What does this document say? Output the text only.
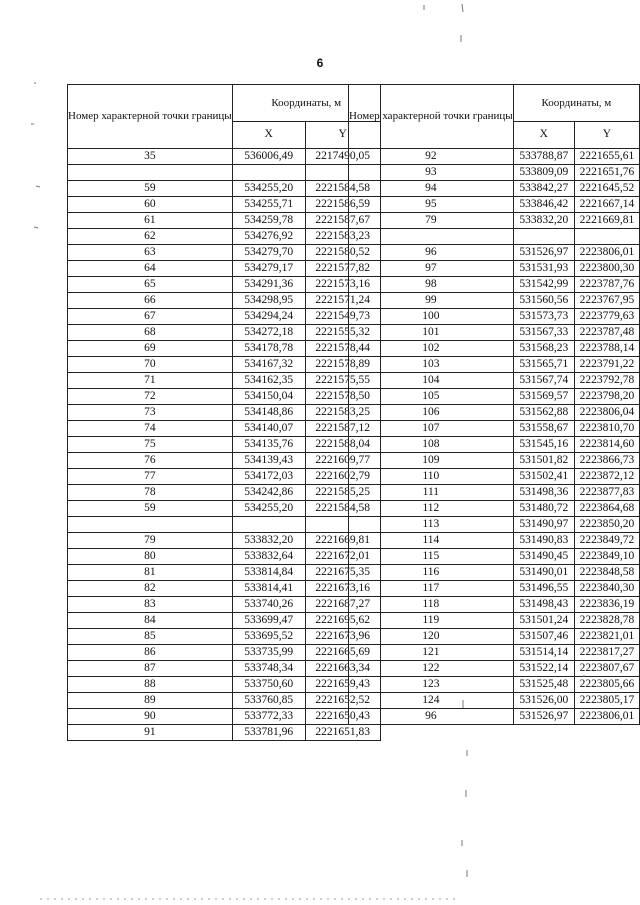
6
Номер характерной точки границы	Координаты, м	
	X	Y
35	536006,49	2217490,05

59	534255,20	2221584,58
60	534255,71	2221586,59
61	534259,78	2221587,67
62	534276,92	2221583,23
63	534279,70	2221580,52
64	534279,17	2221577,82
65	534291,36	2221573,16
66	534298,95	2221571,24
67	534294,24	2221549,73
68	534272,18	2221555,32
69	534178,78	2221578,44
70	534167,32	2221578,89
71	534162,35	2221575,55
72	534150,04	2221578,50
73	534148,86	2221583,25
74	534140,07	2221587,12
75	534135,76	2221588,04
76	534139,43	2221609,77
77	534172,03	2221602,79
78	534242,86	2221585,25
59	534255,20	2221584,58

79	533832,20	2221669,81
80	533832,64	2221672,01
81	533814,84	2221675,35
82	533814,41	2221673,16
83	533740,26	2221687,27
84	533699,47	2221695,62
85	533695,52	2221673,96
86	533735,99	2221665,69
87	533748,34	2221663,34
88	533750,60	2221659,43
89	533760,85	2221652,52
90	533772,33	2221650,43
91	533781,96	2221651,83
Номер характерной точки границы	Координаты, м	
	X	Y
92	533788,87	2221655,61
93	533809,09	2221651,76
94	533842,27	2221645,52
95	533846,42	2221667,14
79	533832,20	2221669,81

96	531526,97	2223806,01
97	531531,93	2223800,30
98	531542,99	2223787,76
99	531560,56	2223767,95
100	531573,73	2223779,63
101	531567,33	2223787,48
102	531568,23	2223788,14
103	531565,71	2223791,22
104	531567,74	2223792,78
105	531569,57	2223798,20
106	531562,88	2223806,04
107	531558,67	2223810,70
108	531545,16	2223814,60
109	531501,82	2223866,73
110	531502,41	2223872,12
111	531498,36	2223877,83
112	531480,72	2223864,68
113	531490,97	2223850,20
114	531490,83	2223849,72
115	531490,45	2223849,10
116	531490,01	2223848,58
117	531496,55	2223840,30
118	531498,43	2223836,19
119	531501,24	2223828,78
120	531507,46	2223821,01
121	531514,14	2223817,27
122	531522,14	2223807,67
123	531525,48	2223805,66
124	531526,00	2223805,17
96	531526,97	2223806,01
